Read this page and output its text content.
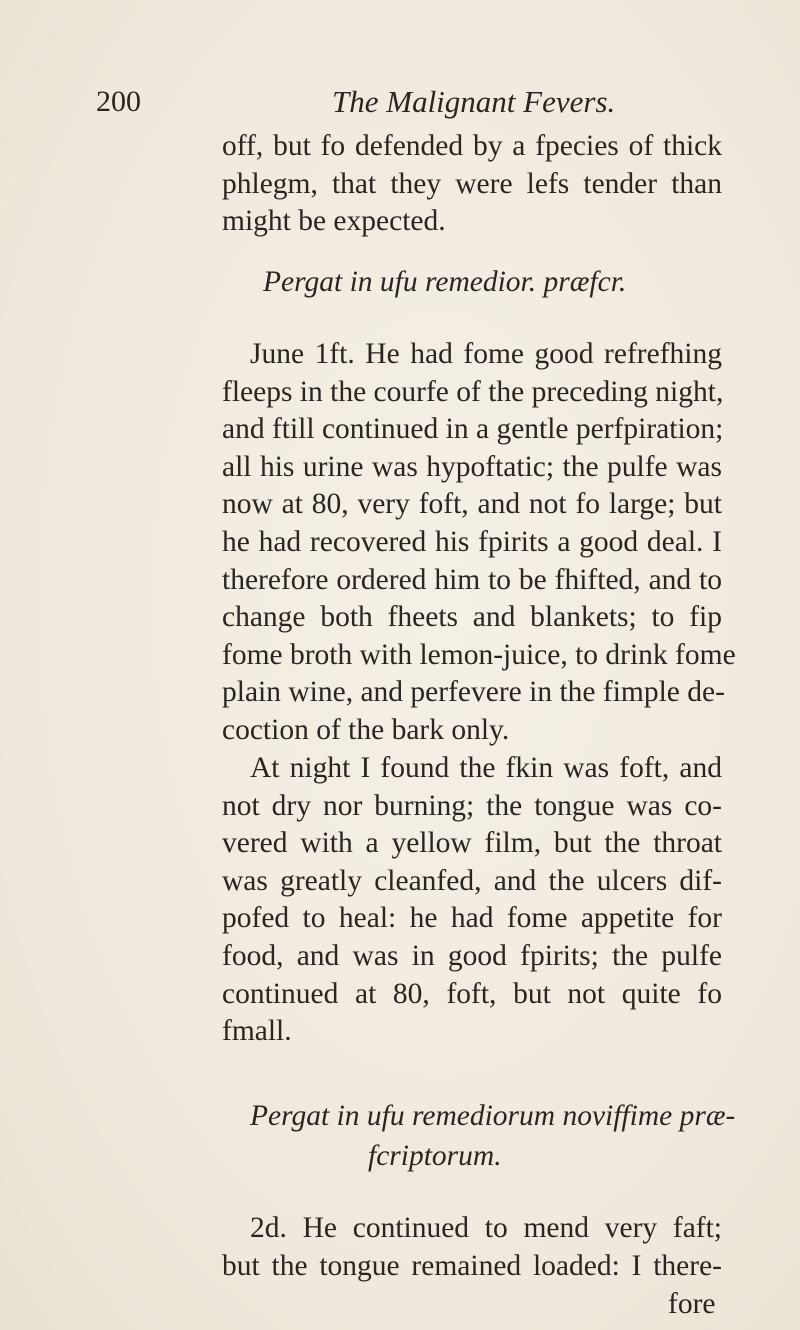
200	The Malignant Fevers.
off, but fo defended by a fpecies of thick
phlegm, that they were lefs tender than
might be expected.
Pergat in ufu remedior. præfcr.
June 1ft. He had fome good refrefhing
fleeps in the courfe of the preceding night,
and ftill continued in a gentle perfpiration;
all his urine was hypoftatic; the pulfe was
now at 80, very foft, and not fo large; but
he had recovered his fpirits a good deal. I
therefore ordered him to be fhifted, and to
change both fheets and blankets; to fip
fome broth with lemon-juice, to drink fome
plain wine, and perfevere in the fimple de-
coction of the bark only.
At night I found the fkin was foft, and
not dry nor burning; the tongue was co-
vered with a yellow film, but the throat
was greatly cleanfed, and the ulcers dif-
pofed to heal: he had fome appetite for
food, and was in good fpirits; the pulfe
continued at 80, foft, but not quite fo
fmall.
Pergat in ufu remediorum noviffime præ-
fcriptorum.
2d. He continued to mend very faft;
but the tongue remained loaded: I there-
fore
